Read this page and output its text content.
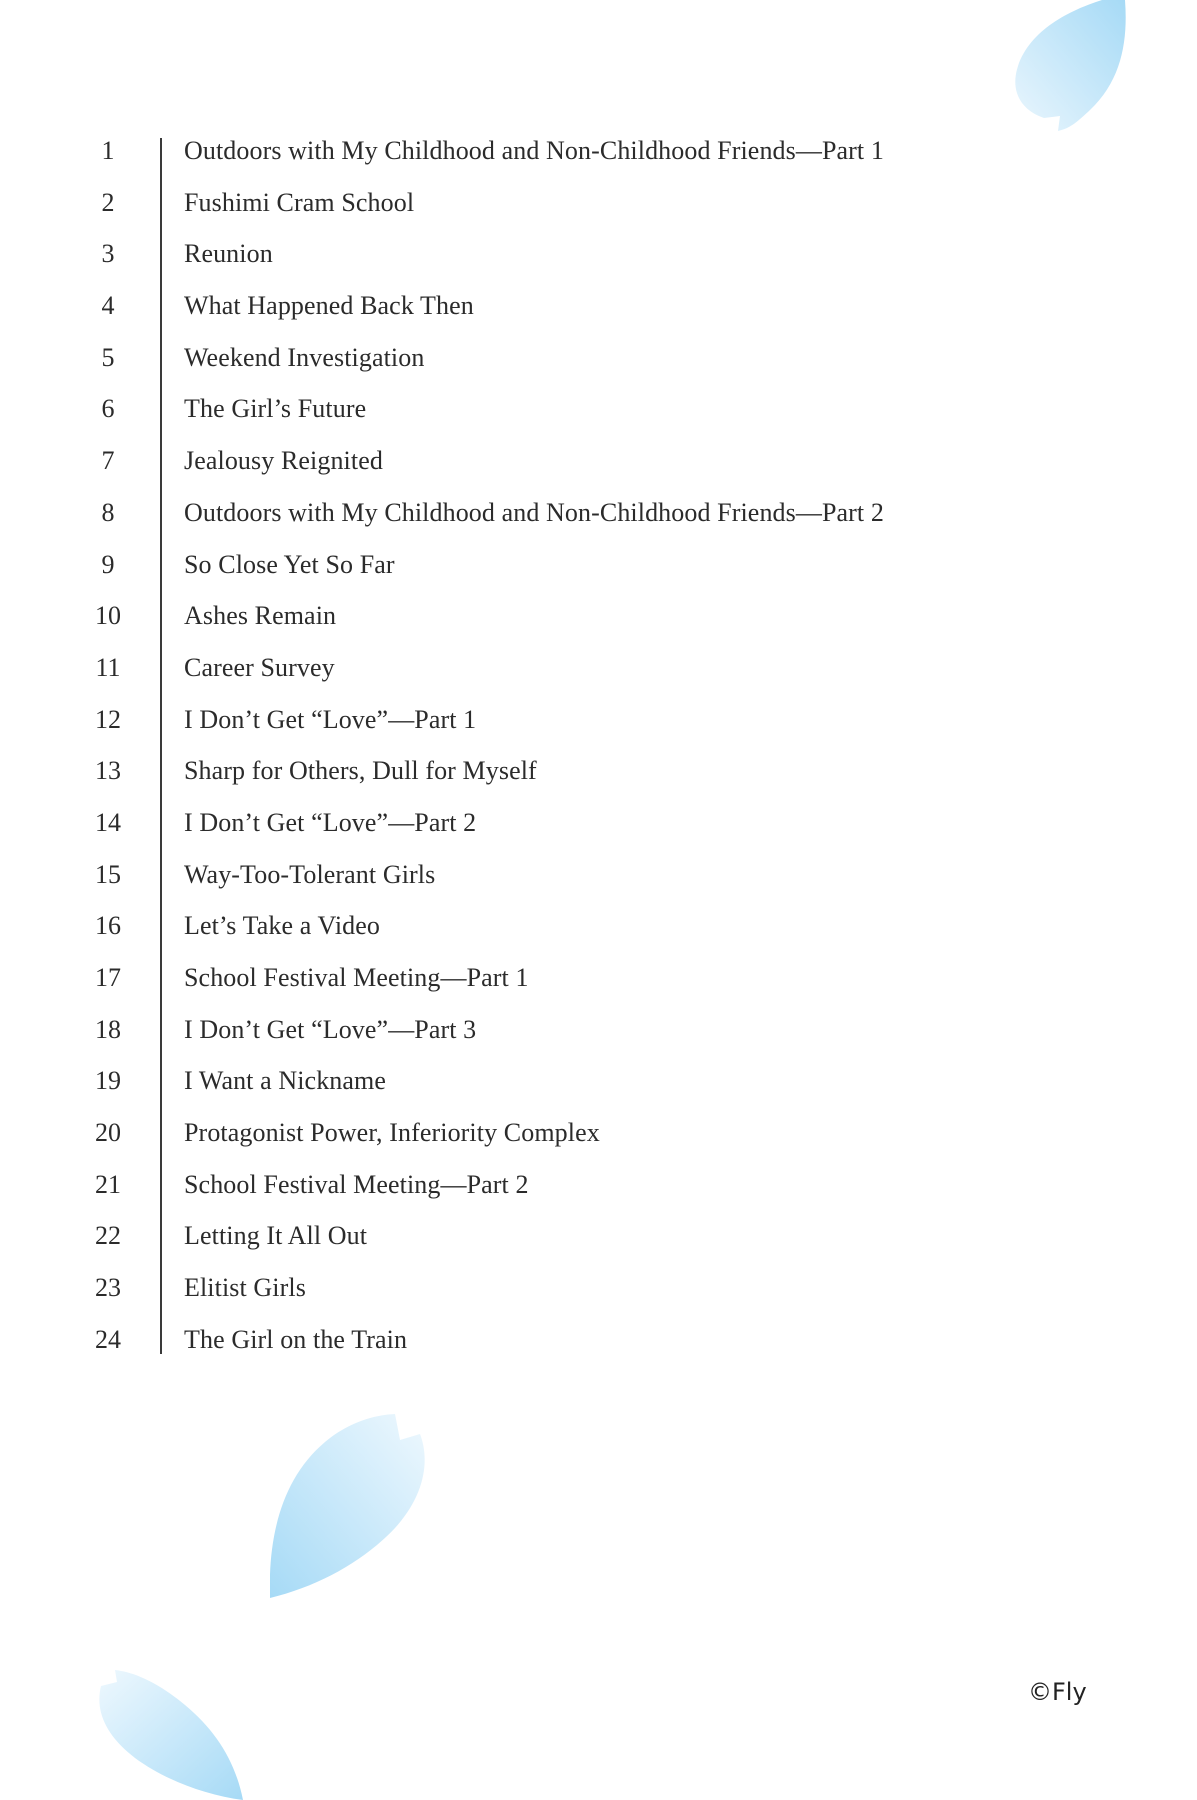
1	Outdoors with My Childhood and Non-Childhood Friends—Part 1
2	Fushimi Cram School
3	Reunion
4	What Happened Back Then
5	Weekend Investigation
6	The Girl’s Future
7	Jealousy Reignited
8	Outdoors with My Childhood and Non-Childhood Friends—Part 2
9	So Close Yet So Far
10	Ashes Remain
11	Career Survey
12	I Don’t Get “Love”—Part 1
13	Sharp for Others, Dull for Myself
14	I Don’t Get “Love”—Part 2
15	Way-Too-Tolerant Girls
16	Let’s Take a Video
17	School Festival Meeting—Part 1
18	I Don’t Get “Love”—Part 3
19	I Want a Nickname
20	Protagonist Power, Inferiority Complex
21	School Festival Meeting—Part 2
22	Letting It All Out
23	Elitist Girls
24	The Girl on the Train
©Fly
